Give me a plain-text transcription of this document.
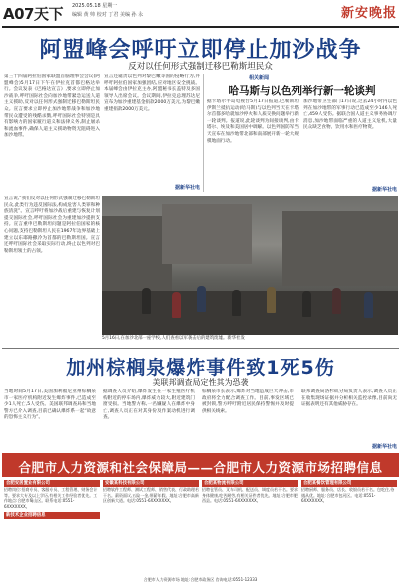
A07天下 2025.05.18 星期一
编辑 黄 帅 校对 丁君 美编 孙 永	新安晚报
阿盟峰会呼吁立即停止加沙战争
反对以任何形式强制迁移巴勒斯坦民众
第三十四届阿拉伯国家联盟首脑理事会会议(阿盟峰会)5月17日下午在伊拉克首都巴格达举行。会议发表《巴格达宣言》,要求立即停止加沙战争,呼吁国际社会向加沙地带紧急运送人道主义援助,反对以任何形式强制迁移巴勒斯坦民众。宣言要求立即停止加沙地带战争和加沙地带民众遭受的残酷杀戮,呼吁国际社会特别是具有影响力的国家履行道义和法律义务,制止屠杀和流血事件,确保人道主义援助物资无阻碍进入加沙地带。
宣言说,“我们反对以任何形式强制迁移巴勒斯坦民众,此类行为违反国际法,构成危害人类罪和种族清洗”。宣言呼吁将加沙战后重建与恢复计划提交国际社会,呼吁国际社会为重建加沙提供支持。宣言重申巴勒斯坦问题是阿拉伯国家的核心问题,支持巴勒斯坦人民在1967年边界基础上建立以东耶路撒冷为首都的巴勒斯坦国。宣言还呼吁国际社会采取实际行动,终止以色列对巴勒斯坦领土的占领。
宣言还谴责以色列对黎巴嫩等国的侵略行为,并呼吁阿拉伯国家加强团结,应对地区安全挑战。本届峰会由伊拉克主办,阿盟秘书长盖特及多国领导人出席会议。会议期间,伊拉克总理苏达尼宣布为加沙重建基金捐款2000万美元,为黎巴嫩重建捐款2000万美元。
据新华社电
相关新闻
哈马斯与以色列举行新一轮谈判
据卡塔尔半岛电视台5月17日报道,巴勒斯坦伊斯兰抵抗运动(哈马斯)与以色列当天在卡塔尔首都多哈就加沙停火和人质交换问题举行新一轮谈判。报道说,此轮谈判为间接谈判,由卡塔尔、埃及和美国居中调解。以色列国防军当天宣布在加沙地带北部和南部展开新一轮大规模地面行动。
加沙地带卫生部门17日说,过去24小时内以色列在加沙地带的军事行动已造成至少146人死亡,459人受伤。据联合国人道主义事务协调厅消息,加沙地带面临严重的人道主义危机,大量民众缺乏食物、饮用水和医疗物资。
据新华社电
5月16日,在加沙北部一座学校,人们查看以军袭击后的建筑废墟。新华社发
加州棕榈泉爆炸事件致1死5伤
美联邦调查局定性其为恐袭
当地时间5月17日,美国加利福尼亚州棕榈泉市一家医疗机构附近发生爆炸事件,已造成至少1人死亡,5人受伤。美国联邦调查局和当地警方已介入调查,目前已确认爆炸系一起“故意的恐怖主义行为”。
据调查人员介绍,爆炸发生在一家生殖医疗机构附近的停车场内,爆炸威力较大,附近建筑门窗受损。当地警方称,一名嫌疑人在爆炸中身亡,调查人员正在对其身份及作案动机进行调查。
棕榈泉市长表示,爆炸对当地造成巨大冲击,市政府将全力配合调查工作。目前,事发区域已被封锁,警方呼吁附近居民保持警惕并及时提供相关线索。
联邦调查局洛杉矶分局负责人表示,调查人员正在收集现场证据并分析相关监控录像,目前尚无证据表明还有其他威胁存在。
据新华社电
合肥市人力资源和社会保障局——合肥市人力资源市场招聘信息
合肥安居置业有限公司
招聘岗位:招商专员、客服专员、工程管理、财务会计等。要求大专及以上学历,有相关工作经验者优先。工作地点:合肥市蜀山区。联系电话:0551-6XXXXXXX。
新技术企业招聘信息
安徽某科技有限公司
招聘软件工程师、测试工程师、销售代表、行政助理若干名。薪资面议,五险一金,带薪年假。地址:合肥市高新区创新大道。电话:0551-6XXXXXXX。
合肥某物流有限公司
招聘仓管员、叉车司机、配送员、调度员若干名。要求身体健康,吃苦耐劳,有相关证件者优先。地址:合肥市肥西县。电话:0551-6XXXXXXX。
合肥某餐饮管理有限公司
招聘厨师、服务员、店长、收银员若干名。包吃住,待遇从优。地址:合肥市包河区。电话:0551-6XXXXXXX。
合肥市人力资源市场 地址:合肥市政务区 咨询电话:0551-12333
